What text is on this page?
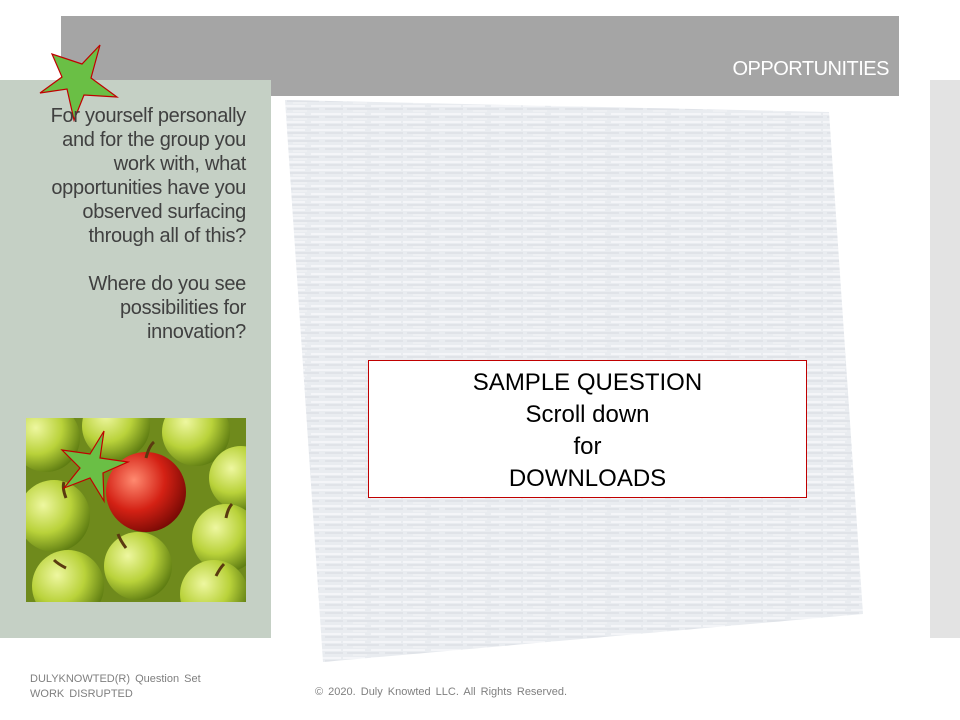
OPPORTUNITIES

For yourself personally and for the group you work with, what opportunities have you observed surfacing through all of this?

Where do you see possibilities for innovation?

SAMPLE QUESTION
Scroll down
for
DOWNLOADS
DULYKNOWTED(R) Question Set
WORK DISRUPTED	© 2020. Duly Knowted LLC. All Rights Reserved.
